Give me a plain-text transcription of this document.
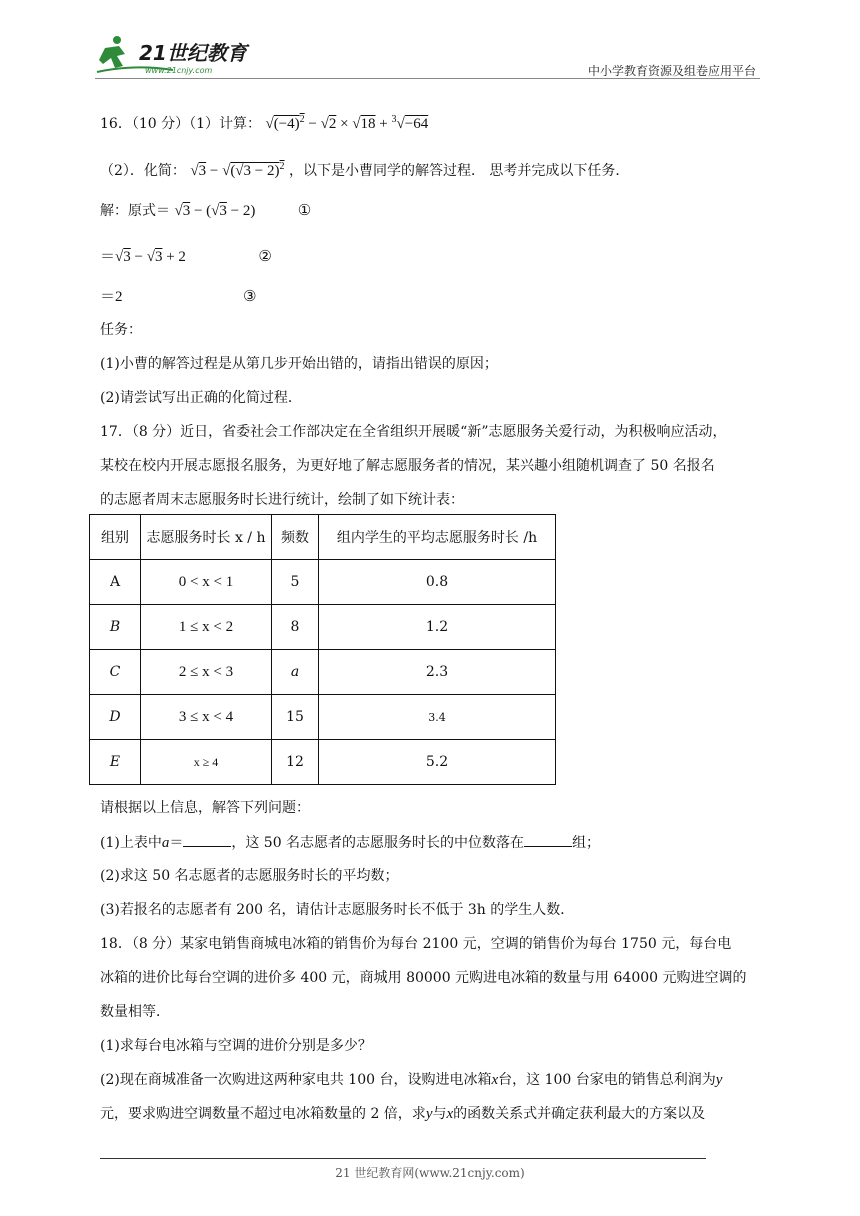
21世纪教育
www.21cnjy.com	中小学教育资源及组卷应用平台
16．（10 分）（1）计算： $√(-4)^2 - √2 \times √18 + ^3√-64$
（2）．化简： $√3 - √(√3 - 2)^2$ ，以下是小曹同学的解答过程． 思考并完成以下任务．
解：原式＝ √3 − (√3 − 2)	①
＝√3 − √3 + 2	②
＝2	③
任务：
(1)小曹的解答过程是从第几步开始出错的，请指出错误的原因；
(2)请尝试写出正确的化简过程．
17．（8 分）近日，省委社会工作部决定在全省组织开展暖“新”志愿服务关爱行动，为积极响应活动，
某校在校内开展志愿报名服务，为更好地了解志愿服务者的情况，某兴趣小组随机调查了 50 名报名
的志愿者周末志愿服务时长进行统计，绘制了如下统计表：
组别	志愿服务时长 x / h	频数	组内学生的平均志愿服务时长 /h
A	0 < x < 1	5	0.8
B	1 ≤ x < 2	8	1.2
C	2 ≤ x < 3	a	2.3
D	3 ≤ x < 4	15	3.4
E	x ≥ 4	12	5.2
请根据以上信息，解答下列问题：
(1)上表中a＝	，这 50 名志愿者的志愿服务时长的中位数落在	组；
(2)求这 50 名志愿者的志愿服务时长的平均数；
(3)若报名的志愿者有 200 名，请估计志愿服务时长不低于 3h 的学生人数．
18．（8 分）某家电销售商城电冰箱的销售价为每台 2100 元，空调的销售价为每台 1750 元，每台电
冰箱的进价比每台空调的进价多 400 元，商城用 80000 元购进电冰箱的数量与用 64000 元购进空调的
数量相等．
(1)求每台电冰箱与空调的进价分别是多少？
(2)现在商城准备一次购进这两种家电共 100 台，设购进电冰箱x台，这 100 台家电的销售总利润为y
元，要求购进空调数量不超过电冰箱数量的 2 倍，求y与x的函数关系式并确定获利最大的方案以及
21 世纪教育网(www.21cnjy.com)
